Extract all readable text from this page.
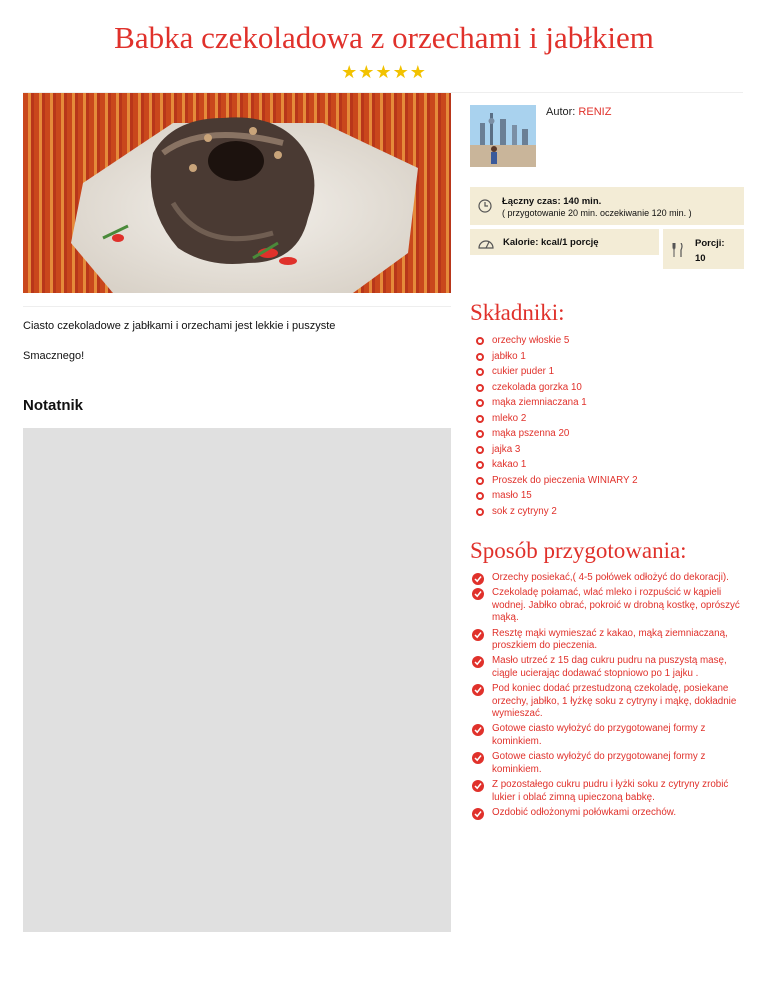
Babka czekoladowa z orzechami i jabłkiem
★★★★★

Ciasto czekoladowe z jabłkami i orzechami jest lekkie i puszyste

Smacznego!

Notatnik
Autor: RENIZ
Łączny czas: 140 min.
( przygotowanie 20 min. oczekiwanie 120 min. )
Kalorie: kcal/1 porcję	Porcji:
10
Składniki:
orzechy włoskie 5
jabłko 1
cukier puder 1
czekolada gorzka 10
mąka ziemniaczana 1
mleko 2
mąka pszenna 20
jajka 3
kakao 1
Proszek do pieczenia WINIARY 2
masło 15
sok z cytryny 2
Sposób przygotowania:
Orzechy posiekać,( 4-5 połówek odłożyć do dekoracji).
Czekoladę połamać, wlać mleko i rozpuścić w kąpieli wodnej. Jabłko obrać, pokroić w drobną kostkę, oprószyć mąką.
Resztę mąki wymieszać z kakao, mąką ziemniaczaną, proszkiem do pieczenia.
Masło utrzeć z 15 dag cukru pudru na puszystą masę, ciągle ucierając dodawać stopniowo po 1 jajku .
Pod koniec dodać przestudzoną czekoladę, posiekane orzechy, jabłko, 1 łyżkę soku z cytryny i mąkę, dokładnie wymieszać.
Gotowe ciasto wyłożyć do przygotowanej formy z kominkiem.
Gotowe ciasto wyłożyć do przygotowanej formy z kominkiem.
Z pozostałego cukru pudru i łyżki soku z cytryny zrobić lukier i oblać zimną upieczoną babkę.
Ozdobić odłożonymi połówkami orzechów.
